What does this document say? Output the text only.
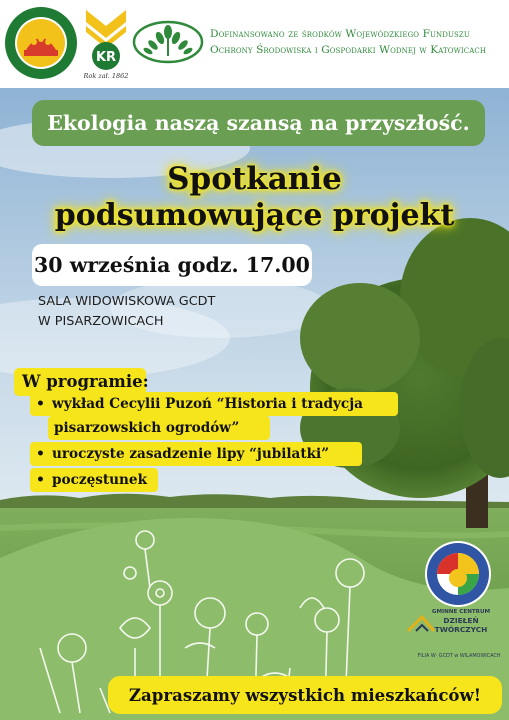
KR
Rok zał. 1862
Dofinansowano ze środków Wojewódzkiego Funduszu
Ochrony Środowiska i Gospodarki Wodnej w Katowicach
Ekologia naszą szansą na przyszłość.
Spotkanie
podsumowujące projekt
30 września godz. 17.00
SALA WIDOWISKOWA GCDT
W PISARZOWICACH
W programie:
• wykład Cecylii Puzoń “Historia i tradycja
pisarzowskich ogrodów”
• uroczyste zasadzenie lipy “jubilatki”
• poczęstunek
GMINNE CENTRUM
DZIEŁEŃ TWÓRCZYCH
FILIA W· GCDT w WILAMOWICACH
Zapraszamy wszystkich mieszkańców!
